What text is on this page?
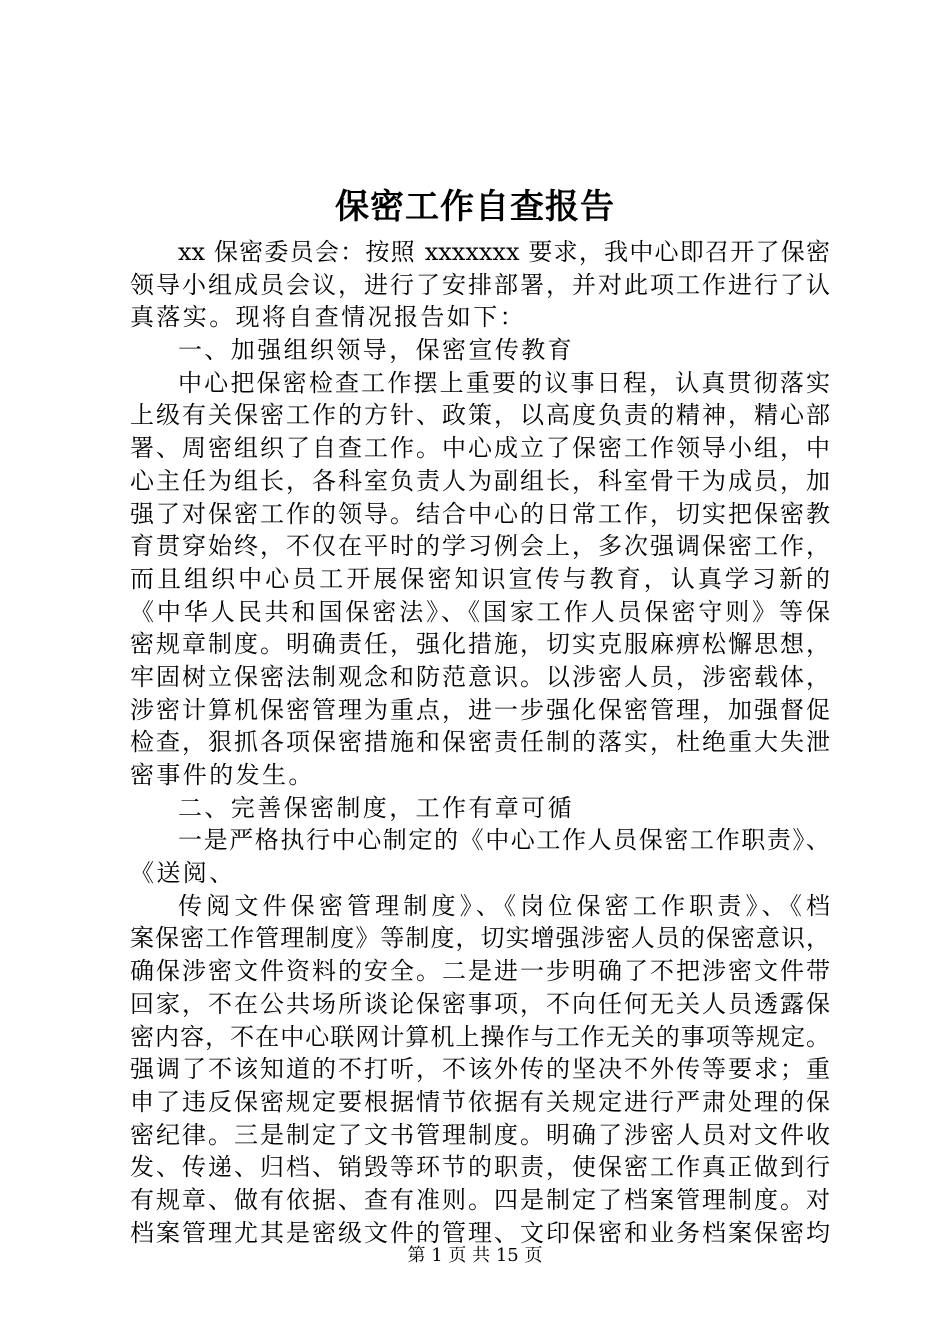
保密工作自查报告
xx 保密委员会：按照 xxxxxxx 要求，我中心即召开了保密
领导小组成员会议，进行了安排部署，并对此项工作进行了认
真落实。现将自查情况报告如下：
一、加强组织领导，保密宣传教育
中心把保密检查工作摆上重要的议事日程，认真贯彻落实
上级有关保密工作的方针、政策，以高度负责的精神，精心部
署、周密组织了自查工作。中心成立了保密工作领导小组，中
心主任为组长，各科室负责人为副组长，科室骨干为成员，加
强了对保密工作的领导。结合中心的日常工作，切实把保密教
育贯穿始终，不仅在平时的学习例会上，多次强调保密工作，
而且组织中心员工开展保密知识宣传与教育，认真学习新的
《中华人民共和国保密法》、《国家工作人员保密守则》等保
密规章制度。明确责任，强化措施，切实克服麻痹松懈思想，
牢固树立保密法制观念和防范意识。以涉密人员，涉密载体，
涉密计算机保密管理为重点，进一步强化保密管理，加强督促
检查，狠抓各项保密措施和保密责任制的落实，杜绝重大失泄
密事件的发生。
二、完善保密制度，工作有章可循
一是严格执行中心制定的《中心工作人员保密工作职责》、
《送阅、
传阅文件保密管理制度》、《岗位保密工作职责》、《档
案保密工作管理制度》等制度，切实增强涉密人员的保密意识，
确保涉密文件资料的安全。二是进一步明确了不把涉密文件带
回家，不在公共场所谈论保密事项，不向任何无关人员透露保
密内容，不在中心联网计算机上操作与工作无关的事项等规定。
强调了不该知道的不打听，不该外传的坚决不外传等要求；重
申了违反保密规定要根据情节依据有关规定进行严肃处理的保
密纪律。三是制定了文书管理制度。明确了涉密人员对文件收
发、传递、归档、销毁等环节的职责，使保密工作真正做到行
有规章、做有依据、查有准则。四是制定了档案管理制度。对
档案管理尤其是密级文件的管理、文印保密和业务档案保密均
第 1 页 共 15 页
